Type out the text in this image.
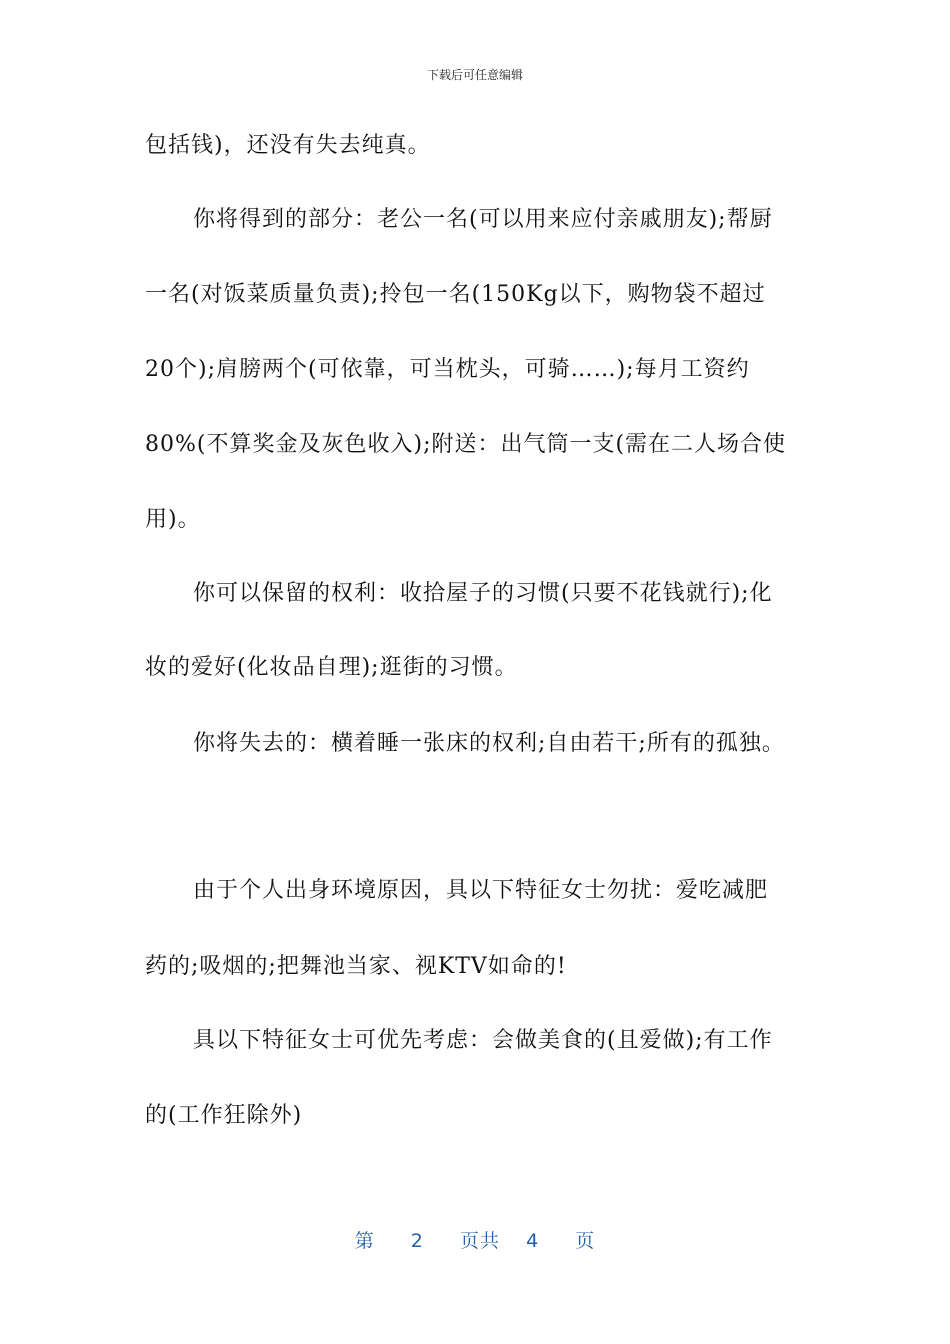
下载后可任意编辑
包括钱)，还没有失去纯真。
你将得到的部分：老公一名(可以用来应付亲戚朋友);帮厨
一名(对饭菜质量负责);拎包一名(150Kg以下，购物袋不超过
20个);肩膀两个(可依靠，可当枕头，可骑……);每月工资约
80%(不算奖金及灰色收入);附送：出气筒一支(需在二人场合使
用)。
你可以保留的权利：收拾屋子的习惯(只要不花钱就行);化
妆的爱好(化妆品自理);逛街的习惯。
你将失去的：横着睡一张床的权利;自由若干;所有的孤独。
由于个人出身环境原因，具以下特征女士勿扰：爱吃减肥
药的;吸烟的;把舞池当家、视KTV如命的!
具以下特征女士可优先考虑：会做美食的(且爱做);有工作
的(工作狂除外)
第 2 页共 4 页
